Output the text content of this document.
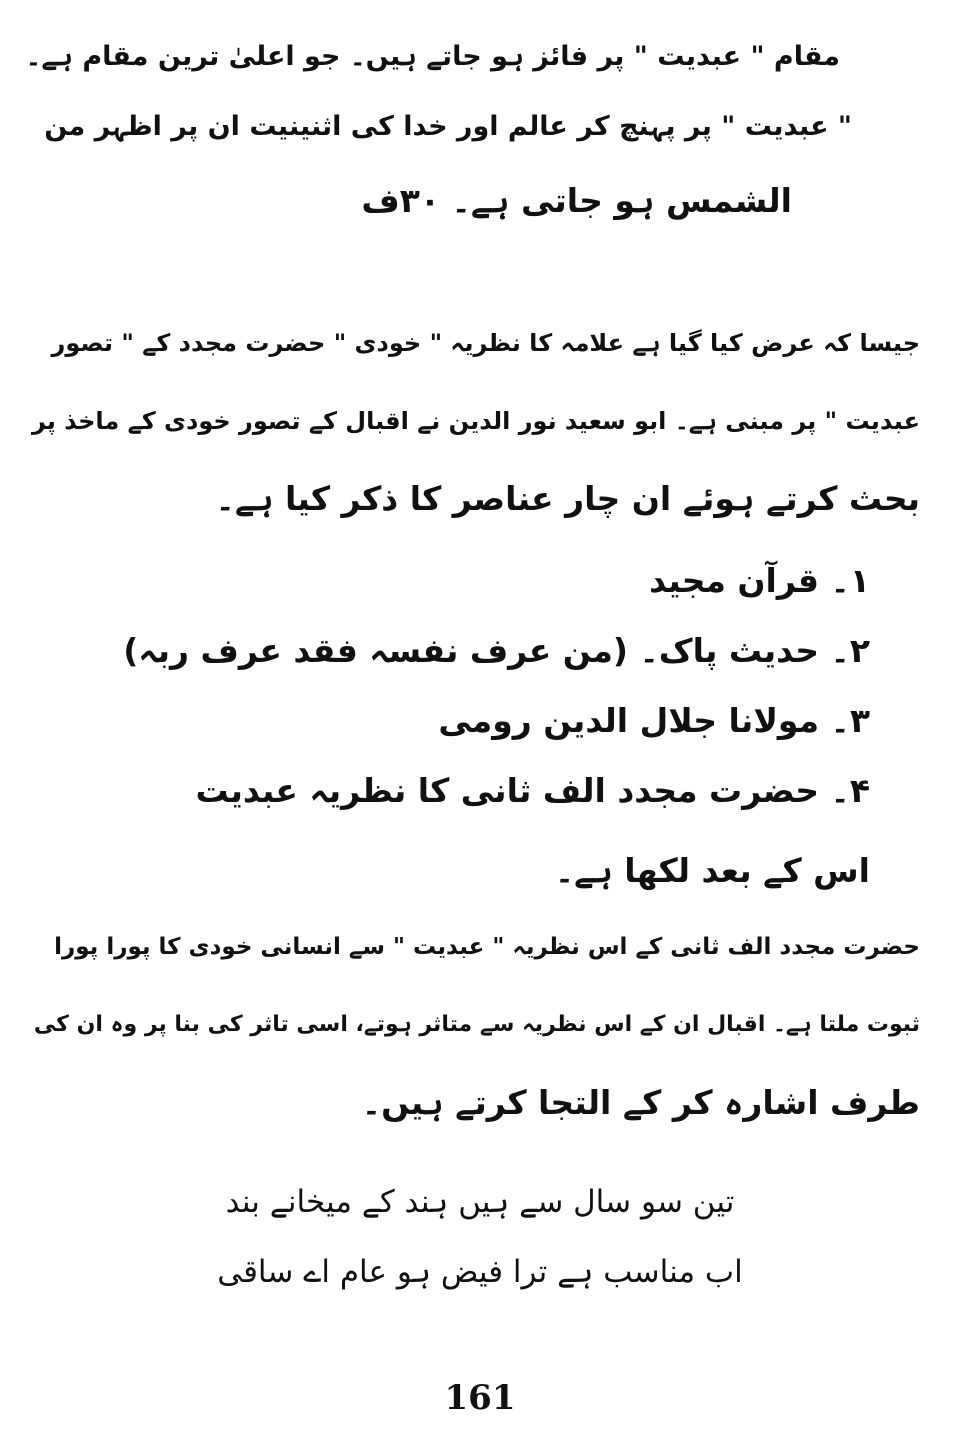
مقام " عبدیت " پر فائز ہو جاتے ہیں۔ جو اعلیٰ ترین مقام ہے۔
" عبدیت " پر پہنچ کر عالم اور خدا کی اثنینیت ان پر اظہر من
الشمس ہو جاتی ہے۔ ۳۰ف
جیسا کہ عرض کیا گیا ہے علامہ کا نظریہ " خودی " حضرت مجدد کے " تصور
عبدیت " پر مبنی ہے۔ ابو سعید نور الدین نے اقبال کے تصور خودی کے ماخذ پر
بحث کرتے ہوئے ان چار عناصر کا ذکر کیا ہے۔
۱۔ قرآن مجید
۲۔ حدیث پاک۔ (من عرف نفسہ فقد عرف ربہ)
۳۔ مولانا جلال الدین رومی
۴۔ حضرت مجدد الف ثانی کا نظریہ عبدیت
اس کے بعد لکھا ہے۔
حضرت مجدد الف ثانی کے اس نظریہ " عبدیت " سے انسانی خودی کا پورا پورا
ثبوت ملتا ہے۔ اقبال ان کے اس نظریہ سے متاثر ہوتے، اسی تاثر کی بنا پر وہ ان کی
طرف اشارہ کر کے التجا کرتے ہیں۔
تین سو سال سے ہیں ہند کے میخانے بند
اب مناسب ہے ترا فیض ہو عام اے ساقی
161
